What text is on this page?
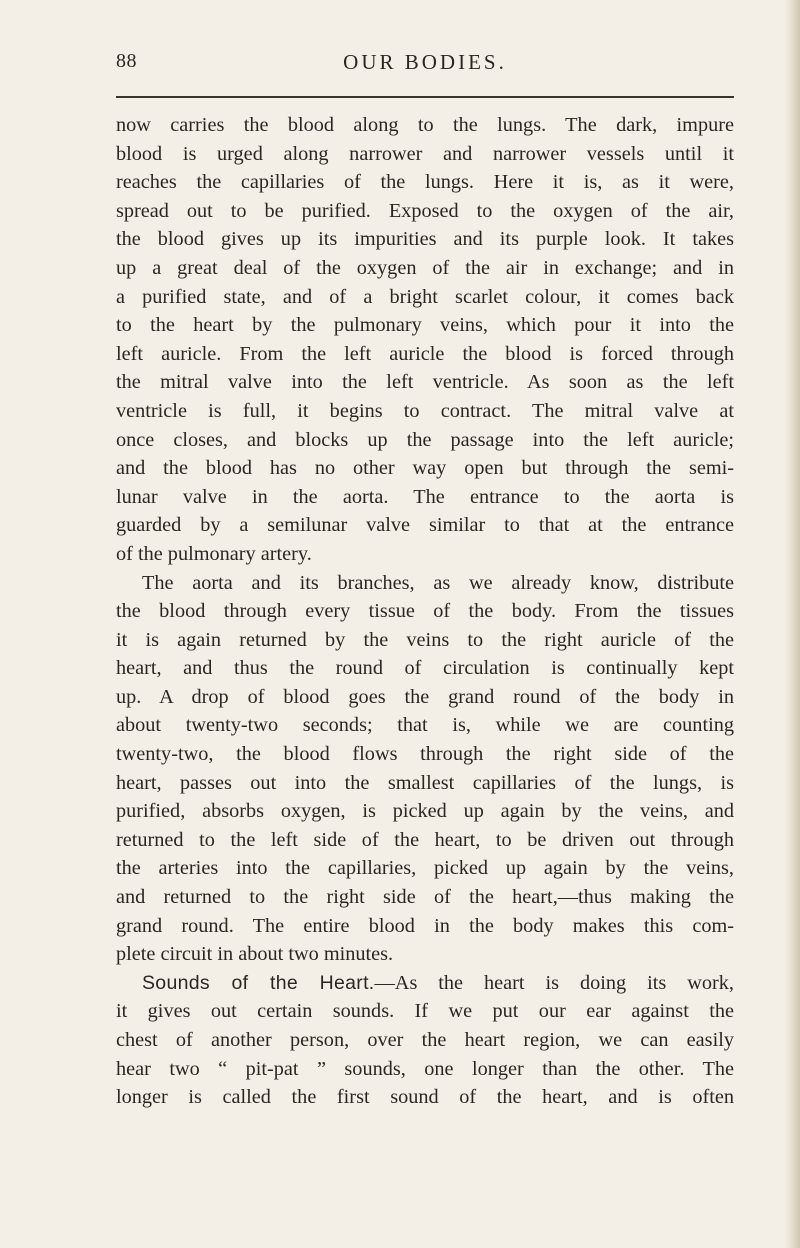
88	OUR BODIES.
now carries the blood along to the lungs. The dark, impure
blood is urged along narrower and narrower vessels until it
reaches the capillaries of the lungs. Here it is, as it were,
spread out to be purified. Exposed to the oxygen of the air,
the blood gives up its impurities and its purple look. It takes
up a great deal of the oxygen of the air in exchange; and in
a purified state, and of a bright scarlet colour, it comes back
to the heart by the pulmonary veins, which pour it into the
left auricle. From the left auricle the blood is forced through
the mitral valve into the left ventricle. As soon as the left
ventricle is full, it begins to contract. The mitral valve at
once closes, and blocks up the passage into the left auricle;
and the blood has no other way open but through the semi-
lunar valve in the aorta. The entrance to the aorta is
guarded by a semilunar valve similar to that at the entrance
of the pulmonary artery.
The aorta and its branches, as we already know, distribute
the blood through every tissue of the body. From the tissues
it is again returned by the veins to the right auricle of the
heart, and thus the round of circulation is continually kept
up. A drop of blood goes the grand round of the body in
about twenty-two seconds; that is, while we are counting
twenty-two, the blood flows through the right side of the
heart, passes out into the smallest capillaries of the lungs, is
purified, absorbs oxygen, is picked up again by the veins, and
returned to the left side of the heart, to be driven out through
the arteries into the capillaries, picked up again by the veins,
and returned to the right side of the heart,—thus making the
grand round. The entire blood in the body makes this com-
plete circuit in about two minutes.
Sounds of the Heart.—As the heart is doing its work,
it gives out certain sounds. If we put our ear against the
chest of another person, over the heart region, we can easily
hear two “ pit-pat ” sounds, one longer than the other. The
longer is called the first sound of the heart, and is often
